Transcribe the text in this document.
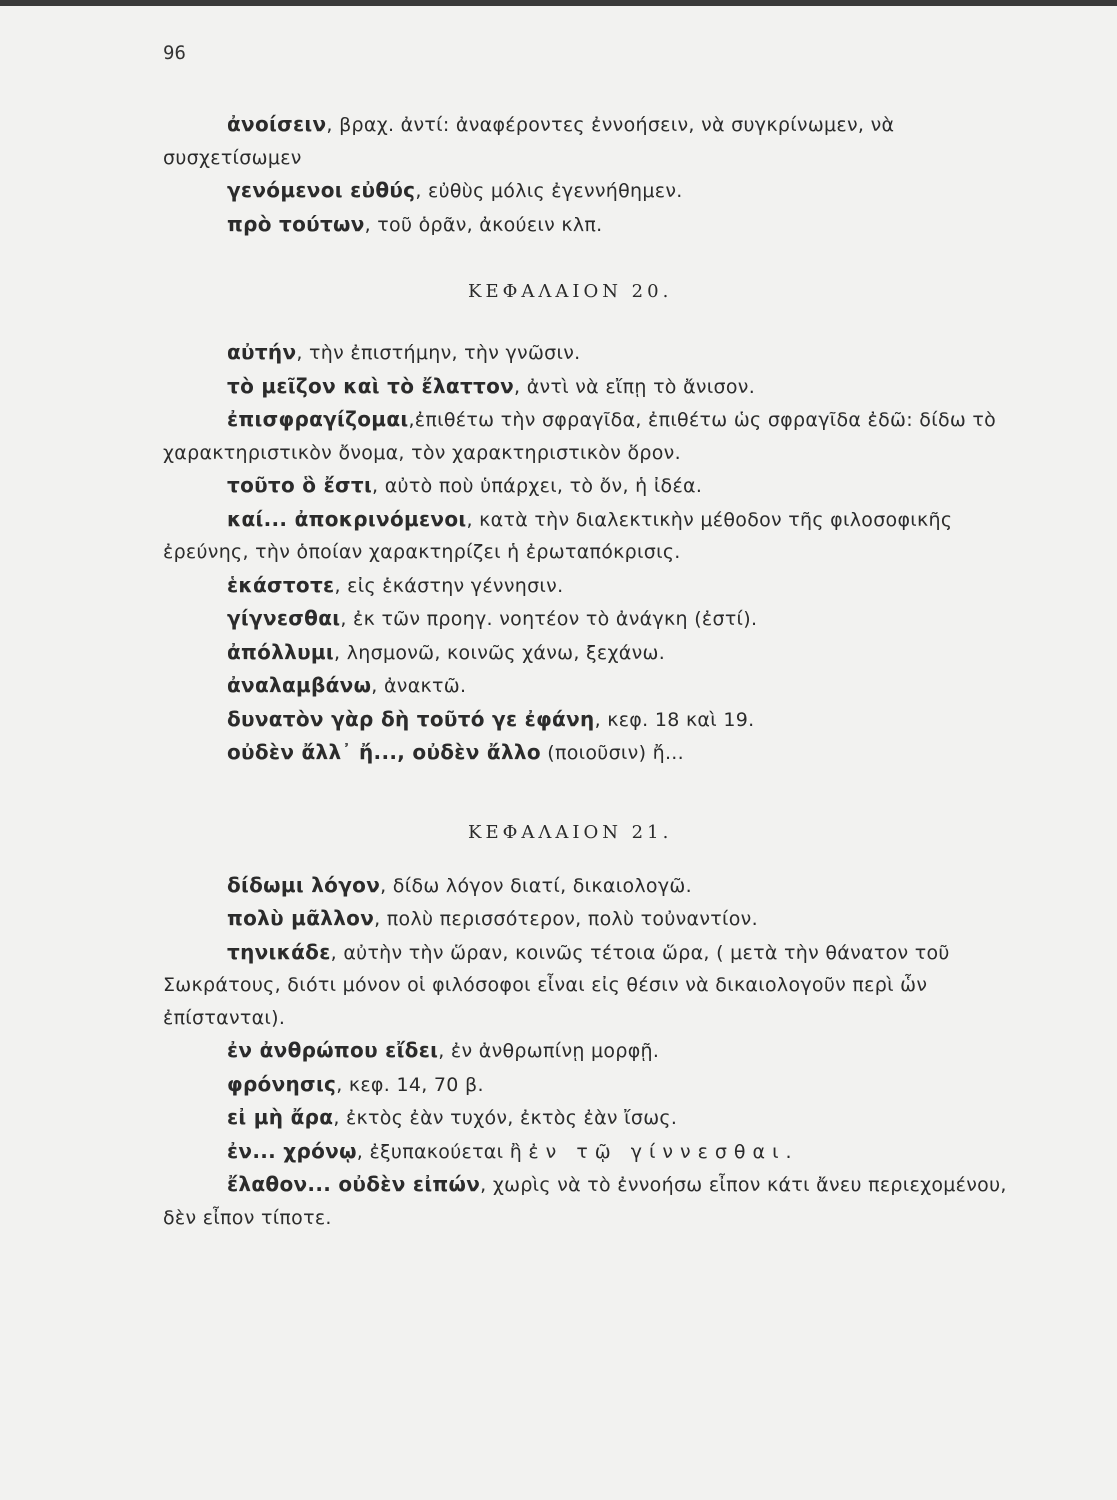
96
ἀνοίσειν, βραχ. ἀντί: ἀναφέροντες ἐννοήσειν, νὰ συγκρίνωμεν, νὰ συσχετίσωμεν
γενόμενοι εὐθύς, εὐθὺς μόλις ἐγεννήθημεν.
πρὸ τούτων, τοῦ ὁρᾶν, ἀκούειν κλπ.
ΚΕΦΑΛΑΙΟΝ 20.
αὐτήν, τὴν ἐπιστήμην, τὴν γνῶσιν.
τὸ μεῖζον καὶ τὸ ἔλαττον, ἀντὶ νὰ εἴπῃ τὸ ἄνισον.
ἐπισφραγίζομαι,ἐπιθέτω τὴν σφραγῖδα, ἐπιθέτω ὡς σφραγῖδα ἐδῶ: δίδω τὸ χαρακτηριστικὸν ὄνομα, τὸν χαρακτηριστικὸν ὅρον.
τοῦτο ὃ ἔστι, αὐτὸ ποὺ ὑπάρχει, τὸ ὄν, ἡ ἰδέα.
καί... ἀποκρινόμενοι, κατὰ τὴν διαλεκτικὴν μέθοδον τῆς φιλοσοφικῆς ἐρεύνης, τὴν ὁποίαν χαρακτηρίζει ἡ ἐρωταπόκρισις.
ἑκάστοτε, εἰς ἑκάστην γέννησιν.
γίγνεσθαι, ἐκ τῶν προηγ. νοητέον τὸ ἀνάγκη (ἐστί).
ἀπόλλυμι, λησμονῶ, κοινῶς χάνω, ξεχάνω.
ἀναλαμβάνω, ἀνακτῶ.
δυνατὸν γὰρ δὴ τοῦτό γε ἐφάνη, κεφ. 18 καὶ 19.
οὐδὲν ἄλλ᾽ ἤ..., οὐδὲν ἄλλο (ποιοῦσιν) ἤ...
ΚΕΦΑΛΑΙΟΝ 21.
δίδωμι λόγον, δίδω λόγον διατί, δικαιολογῶ.
πολὺ μᾶλλον, πολὺ περισσότερον, πολὺ τοὐναντίον.
τηνικάδε, αὐτὴν τὴν ὥραν, κοινῶς τέτοια ὥρα, ( μετὰ τὴν θάνατον τοῦ Σωκράτους, διότι μόνον οἱ φιλόσοφοι εἶναι εἰς θέσιν νὰ δικαιολογοῦν περὶ ὧν ἐπίστανται).
ἐν ἀνθρώπου εἴδει, ἐν ἀνθρωπίνῃ μορφῇ.
φρόνησις, κεφ. 14, 70 β.
εἰ μὴ ἄρα, ἐκτὸς ἐὰν τυχόν, ἐκτὸς ἐὰν ἴσως.
ἐν... χρόνῳ, ἐξυπακούεται ἢ ἐν τῷ γίννεσθαι.
ἔλαθον... οὐδὲν εἰπών, χωρὶς νὰ τὸ ἐννοήσω εἶπον κάτι ἄνευ περιεχομένου, δὲν εἶπον τίποτε.
